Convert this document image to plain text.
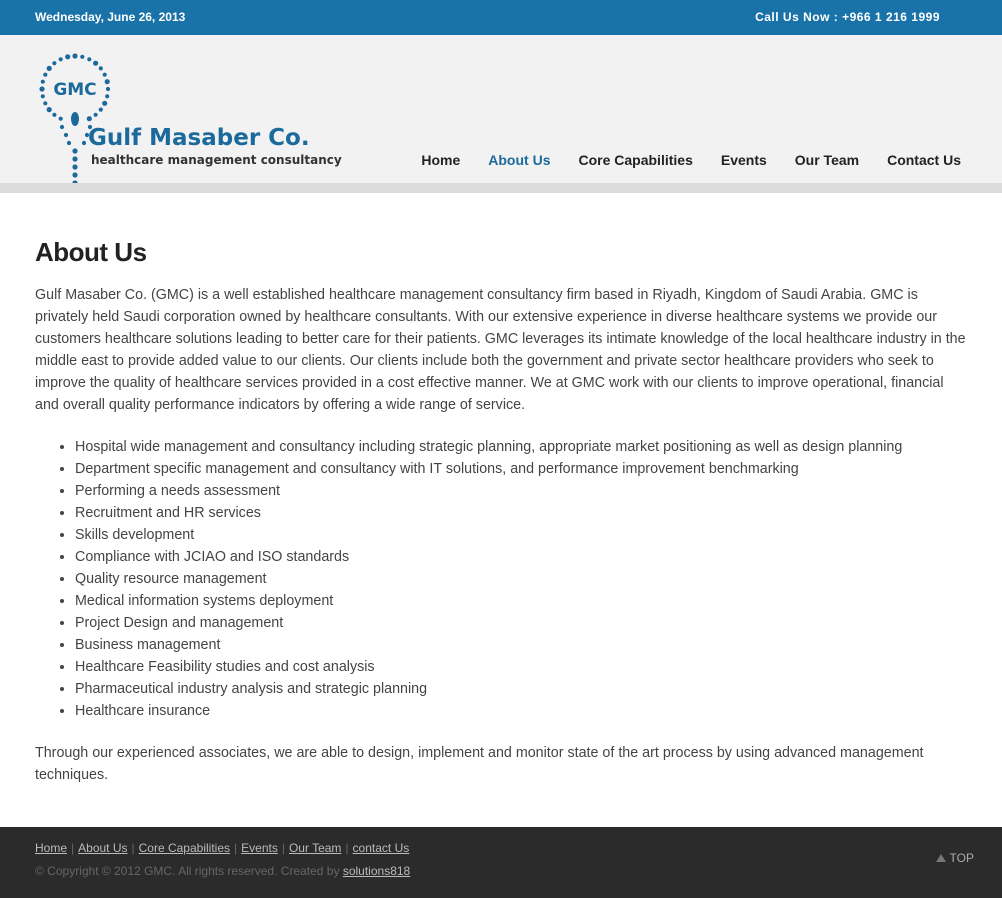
Wednesday, June 26, 2013	Call Us Now : +966 1 216 1999
GMC
Gulf Masaber Co.
healthcare management consultancy	Home About Us Core Capabilities Events Our Team Contact Us
About Us

Gulf Masaber Co. (GMC) is a well established healthcare management consultancy firm based in Riyadh, Kingdom of Saudi Arabia. GMC is privately held Saudi corporation owned by healthcare consultants. With our extensive experience in diverse healthcare systems we provide our customers healthcare solutions leading to better care for their patients. GMC leverages its intimate knowledge of the local healthcare industry in the middle east to provide added value to our clients. Our clients include both the government and private sector healthcare providers who seek to improve the quality of healthcare services provided in a cost effective manner. We at GMC work with our clients to improve operational, financial and overall quality performance indicators by offering a wide range of service.

• Hospital wide management and consultancy including strategic planning, appropriate market positioning as well as design planning
• Department specific management and consultancy with IT solutions, and performance improvement benchmarking
• Performing a needs assessment
• Recruitment and HR services
• Skills development
• Compliance with JCIAO and ISO standards
• Quality resource management
• Medical information systems deployment
• Project Design and management
• Business management
• Healthcare Feasibility studies and cost analysis
• Pharmaceutical industry analysis and strategic planning
• Healthcare insurance

Through our experienced associates, we are able to design, implement and monitor state of the art process by using advanced management techniques.

Home | About Us | Core Capabilities | Events | Our Team | contact Us
© Copyright © 2012 GMC. All rights reserved. Created by solutions818
TOP
